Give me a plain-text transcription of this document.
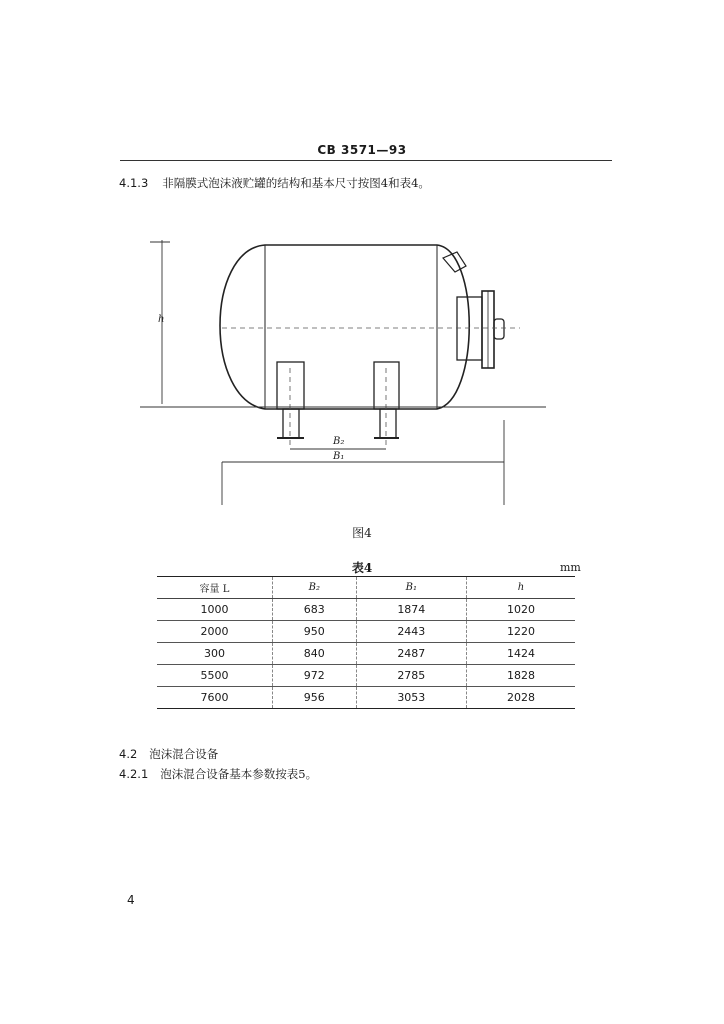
CB 3571—93
4.1.3 非隔膜式泡沫液贮罐的结构和基本尺寸按图4和表4。
h
B₂
B₁
图4
表4	mm
容量 L	B₂	B₁	h
1000	683	1874	1020
2000	950	2443	1220
300	840	2487	1424
5500	972	2785	1828
7600	956	3053	2028
4.2 泡沫混合设备
4.2.1 泡沫混合设备基本参数按表5。
4
